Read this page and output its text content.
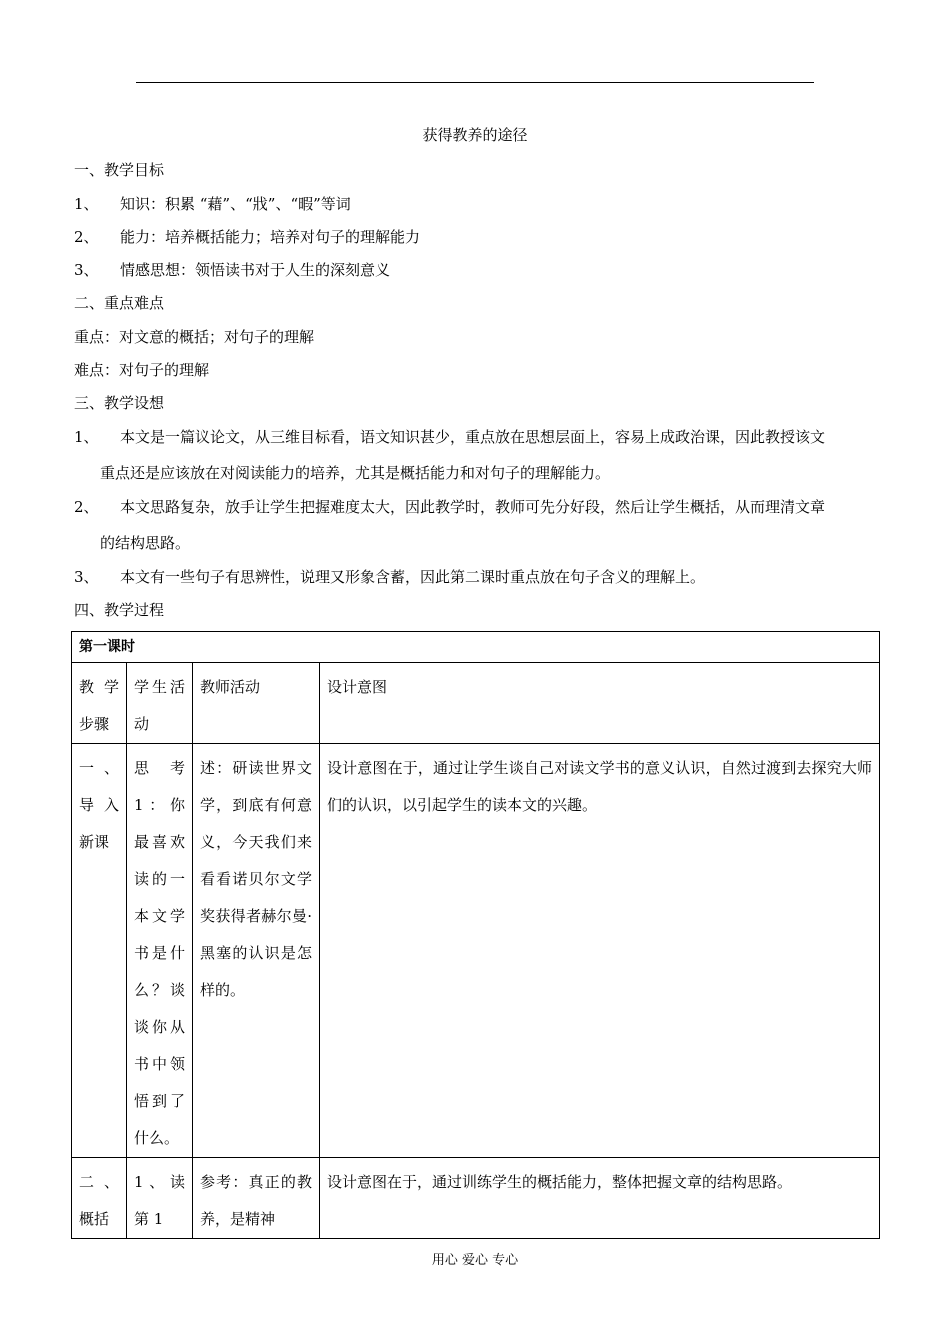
获得教养的途径
一、教学目标
1、 知识：积累 “藉”、“戕”、“暇”等词
2、 能力：培养概括能力；培养对句子的理解能力
3、 情感思想：领悟读书对于人生的深刻意义
二、重点难点
重点：对文意的概括；对句子的理解
难点：对句子的理解
三、教学设想
1、 本文是一篇议论文，从三维目标看，语文知识甚少，重点放在思想层面上，容易上成政治课，因此教授该文
重点还是应该放在对阅读能力的培养，尤其是概括能力和对句子的理解能力。
2、 本文思路复杂，放手让学生把握难度太大，因此教学时，教师可先分好段，然后让学生概括，从而理清文章
的结构思路。
3、 本文有一些句子有思辨性，说理又形象含蓄，因此第二课时重点放在句子含义的理解上。
四、教学过程
第一课时			

教学步骤	学生活动	教师活动	设计意图

一、导入新课	思考1：你最喜欢读的一本文学书是什么？谈谈你从书中领悟到了什么。	述：研读世界文学，到底有何意义，今天我们来看看诺贝尔文学奖获得者赫尔曼·黑塞的认识是怎样的。	设计意图在于，通过让学生谈自己对读文学书的意义认识，自然过渡到去探究大师们的认识，以引起学生的读本文的兴趣。

二、概括	1、读第 1	参考：真正的教养，是精神	设计意图在于，通过训练学生的概括能力，整体把握文章的结构思路。
用心 爱心 专心
